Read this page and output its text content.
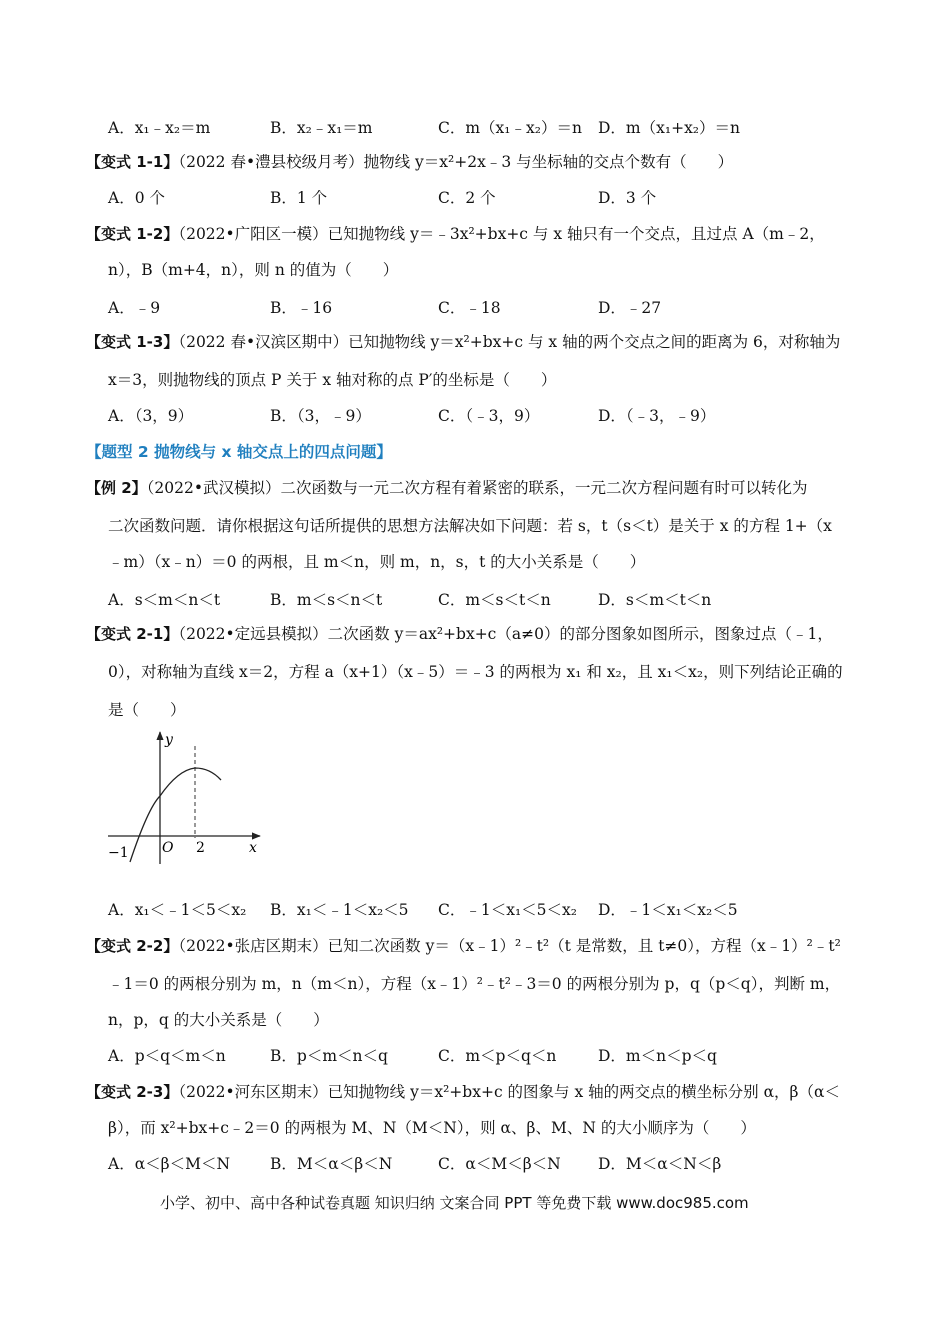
A．x₁﹣x₂＝m	B．x₂﹣x₁＝m	C．m（x₁﹣x₂）＝n D．m（x₁+x₂）＝n
【变式 1-1】（2022 春•澧县校级月考）抛物线 y＝x²+2x﹣3 与坐标轴的交点个数有（　　）
A．0 个	B．1 个	C．2 个	D．3 个
【变式 1-2】（2022•广阳区一模）已知抛物线 y＝﹣3x²+bx+c 与 x 轴只有一个交点，且过点 A（m﹣2，
n），B（m+4，n），则 n 的值为（　　）
A．﹣9	B．﹣16	C．﹣18	D．﹣27
【变式 1-3】（2022 春•汉滨区期中）已知抛物线 y＝x²+bx+c 与 x 轴的两个交点之间的距离为 6，对称轴为
x＝3，则抛物线的顶点 P 关于 x 轴对称的点 P′的坐标是（　　）
A．（3，9）	B．（3，﹣9）	C．（﹣3，9）	D．（﹣3，﹣9）
【题型 2 抛物线与 x 轴交点上的四点问题】
【例 2】（2022•武汉模拟）二次函数与一元二次方程有着紧密的联系，一元二次方程问题有时可以转化为
二次函数问题．请你根据这句话所提供的思想方法解决如下问题：若 s，t（s＜t）是关于 x 的方程 1+（x
﹣m）（x﹣n）＝0 的两根，且 m＜n，则 m，n，s，t 的大小关系是（　　）
A．s＜m＜n＜t	B．m＜s＜n＜t	C．m＜s＜t＜n	D．s＜m＜t＜n
【变式 2-1】（2022•定远县模拟）二次函数 y＝ax²+bx+c（a≠0）的部分图象如图所示，图象过点（﹣1，
0），对称轴为直线 x＝2，方程 a（x+1）（x﹣5）＝﹣3 的两根为 x₁ 和 x₂，且 x₁＜x₂，则下列结论正确的
是（　　）
y
x
O
−1	2
A．x₁＜﹣1＜5＜x₂ B．x₁＜﹣1＜x₂＜5 C．﹣1＜x₁＜5＜x₂ D．﹣1＜x₁＜x₂＜5
【变式 2-2】（2022•张店区期末）已知二次函数 y＝（x﹣1）²﹣t²（t 是常数，且 t≠0），方程（x﹣1）²﹣t²
﹣1＝0 的两根分别为 m，n（m＜n），方程（x﹣1）²﹣t²﹣3＝0 的两根分别为 p，q（p＜q），判断 m，
n，p，q 的大小关系是（　　）
A．p＜q＜m＜n	B．p＜m＜n＜q	C．m＜p＜q＜n	D．m＜n＜p＜q
【变式 2-3】（2022•河东区期末）已知抛物线 y＝x²+bx+c 的图象与 x 轴的两交点的横坐标分别 α，β（α＜
β），而 x²+bx+c﹣2＝0 的两根为 M、N（M＜N），则 α、β、M、N 的大小顺序为（　　）
A．α＜β＜M＜N	B．M＜α＜β＜N	C．α＜M＜β＜N D．M＜α＜N＜β
小学、初中、高中各种试卷真题 知识归纳 文案合同 PPT 等免费下载 www.doc985.com
